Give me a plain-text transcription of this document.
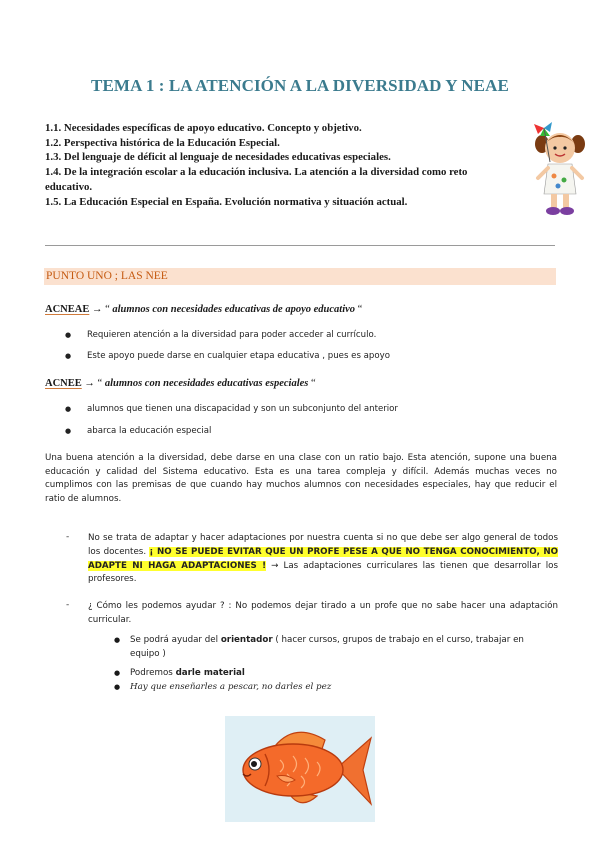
TEMA 1 : LA ATENCIÓN A LA DIVERSIDAD Y NEAE
1.1. Necesidades específicas de apoyo educativo. Concepto y objetivo.
1.2. Perspectiva histórica de la Educación Especial.
1.3. Del lenguaje de déficit al lenguaje de necesidades educativas especiales.
1.4. De la integración escolar a la educación inclusiva. La atención a la diversidad como reto
educativo.
1.5. La Educación Especial en España. Evolución normativa y situación actual.
PUNTO UNO ; LAS NEE
ACNEAE → “ alumnos con necesidades educativas de apoyo educativo “
● Requieren atención a la diversidad para poder acceder al currículo.
● Este apoyo puede darse en cualquier etapa educativa , pues es apoyo
ACNEE → “ alumnos con necesidades educativas especiales “
● alumnos que tienen una discapacidad y son un subconjunto del anterior
● abarca la educación especial
Una buena atención a la diversidad, debe darse en una clase con un ratio bajo. Esta atención, supone una buena educación y calidad del Sistema educativo. Esta es una tarea compleja y difícil. Además muchas veces no cumplimos con las premisas de que cuando hay muchos alumnos con necesidades especiales, hay que reducir el ratio de alumnos.
- No se trata de adaptar y hacer adaptaciones por nuestra cuenta si no que debe ser algo general de todos los docentes. ¡ NO SE PUEDE EVITAR QUE UN PROFE PESE A QUE NO TENGA CONOCIMIENTO, NO ADAPTE NI HAGA ADAPTACIONES ! → Las adaptaciones curriculares las tienen que desarrollar los profesores.
- ¿ Cómo les podemos ayudar ? : No podemos dejar tirado a un profe que no sabe hacer una adaptación curricular.
● Se podrá ayudar del orientador ( hacer cursos, grupos de trabajo en el curso, trabajar en equipo )
● Podremos darle material
● Hay que enseñarles a pescar, no darles el pez
